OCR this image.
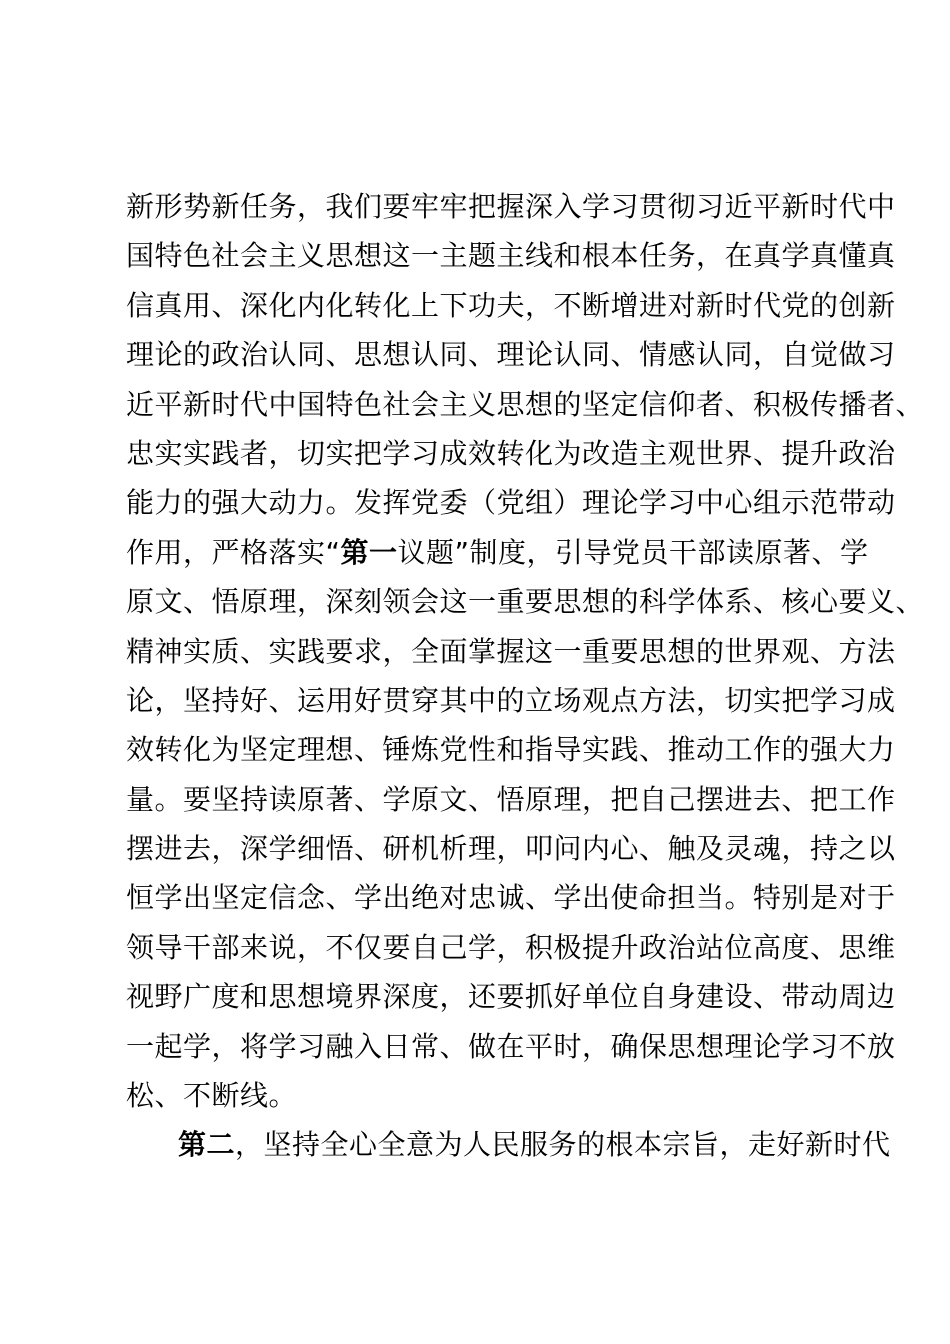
新形势新任务，我们要牢牢把握深入学习贯彻习近平新时代中
国特色社会主义思想这一主题主线和根本任务，在真学真懂真
信真用、深化内化转化上下功夫，不断增进对新时代党的创新
理论的政治认同、思想认同、理论认同、情感认同，自觉做习
近平新时代中国特色社会主义思想的坚定信仰者、积极传播者、
忠实实践者，切实把学习成效转化为改造主观世界、提升政治
能力的强大动力。发挥党委（党组）理论学习中心组示范带动
作用，严格落实“第一议题”制度，引导党员干部读原著、学
原文、悟原理，深刻领会这一重要思想的科学体系、核心要义、
精神实质、实践要求，全面掌握这一重要思想的世界观、方法
论，坚持好、运用好贯穿其中的立场观点方法，切实把学习成
效转化为坚定理想、锤炼党性和指导实践、推动工作的强大力
量。要坚持读原著、学原文、悟原理，把自己摆进去、把工作
摆进去，深学细悟、研机析理，叩问内心、触及灵魂，持之以
恒学出坚定信念、学出绝对忠诚、学出使命担当。特别是对于
领导干部来说，不仅要自己学，积极提升政治站位高度、思维
视野广度和思想境界深度，还要抓好单位自身建设、带动周边
一起学，将学习融入日常、做在平时，确保思想理论学习不放
松、不断线。
第二，坚持全心全意为人民服务的根本宗旨，走好新时代
